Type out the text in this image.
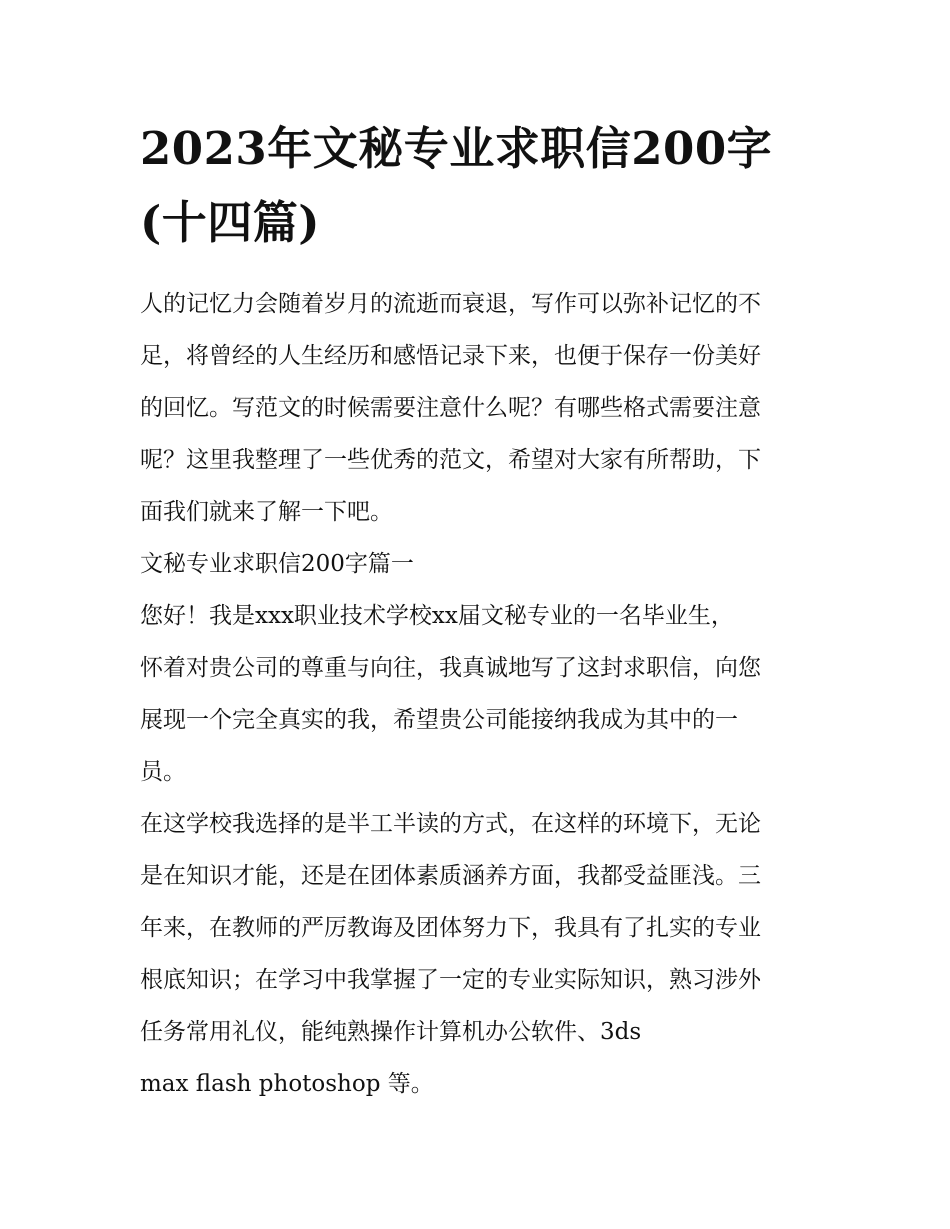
2023年文秘专业求职信200字
(十四篇)
人的记忆力会随着岁月的流逝而衰退，写作可以弥补记忆的不
足，将曾经的人生经历和感悟记录下来，也便于保存一份美好
的回忆。写范文的时候需要注意什么呢？有哪些格式需要注意
呢？这里我整理了一些优秀的范文，希望对大家有所帮助，下
面我们就来了解一下吧。
文秘专业求职信200字篇一
您好！我是xxx职业技术学校xx届文秘专业的一名毕业生，
怀着对贵公司的尊重与向往，我真诚地写了这封求职信，向您
展现一个完全真实的我，希望贵公司能接纳我成为其中的一
员。
在这学校我选择的是半工半读的方式，在这样的环境下，无论
是在知识才能，还是在团体素质涵养方面，我都受益匪浅。三
年来，在教师的严厉教诲及团体努力下，我具有了扎实的专业
根底知识；在学习中我掌握了一定的专业实际知识，熟习涉外
任务常用礼仪，能纯熟操作计算机办公软件、3ds
max flash photoshop 等。
